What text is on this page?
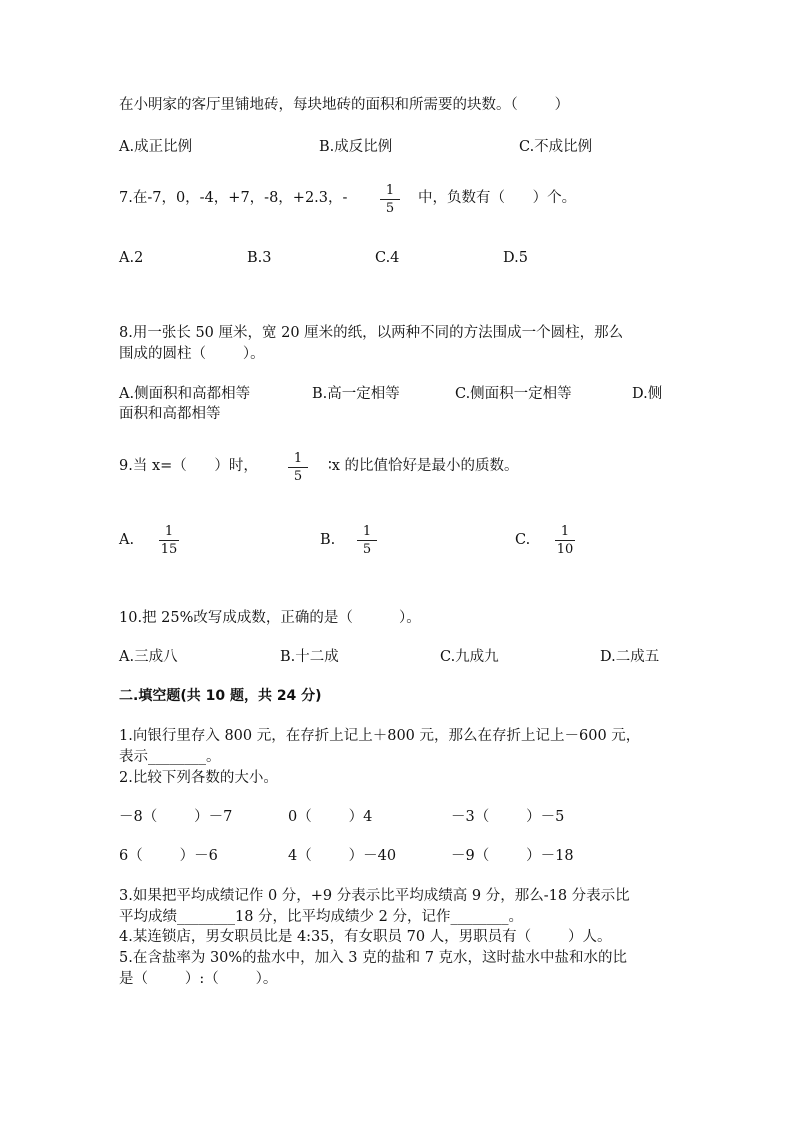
在小明家的客厅里铺地砖，每块地砖的面积和所需要的块数。（        ）
A.成正比例	B.成反比例	C.不成比例
7.在-7，0，-4，+7，-8，+2.3，-	1
5
中，负数有（      ）个。
A.2	B.3	C.4	D.5
8.用一张长 50 厘米，宽 20 厘米的纸，以两种不同的方法围成一个圆柱，那么
围成的圆柱（        ）。
A.侧面积和高都相等	B.高一定相等	C.侧面积一定相等	D.侧
面积和高都相等
9.当 x=（      ）时，	1
5
∶x 的比值恰好是最小的质数。
A.
1
15
B.
1
5
C.
1
10
10.把 25%改写成成数，正确的是（          ）。
A.三成八	B.十二成	C.九成九	D.二成五
二.填空题(共 10 题，共 24 分)
1.向银行里存入 800 元，在存折上记上＋800 元，那么在存折上记上－600 元，
表示________。
2.比较下列各数的大小。
－8（        ）－7	0（        ）4	－3（        ）－5
6（        ）－6	4（        ）－40	－9（        ）－18
3.如果把平均成绩记作 0 分，+9 分表示比平均成绩高 9 分，那么-18 分表示比
平均成绩________18 分，比平均成绩少 2 分，记作________。
4.某连锁店，男女职员比是 4:35，有女职员 70 人，男职员有（        ）人。
5.在含盐率为 30%的盐水中，加入 3 克的盐和 7 克水，这时盐水中盐和水的比
是（        ）:（        ）。
